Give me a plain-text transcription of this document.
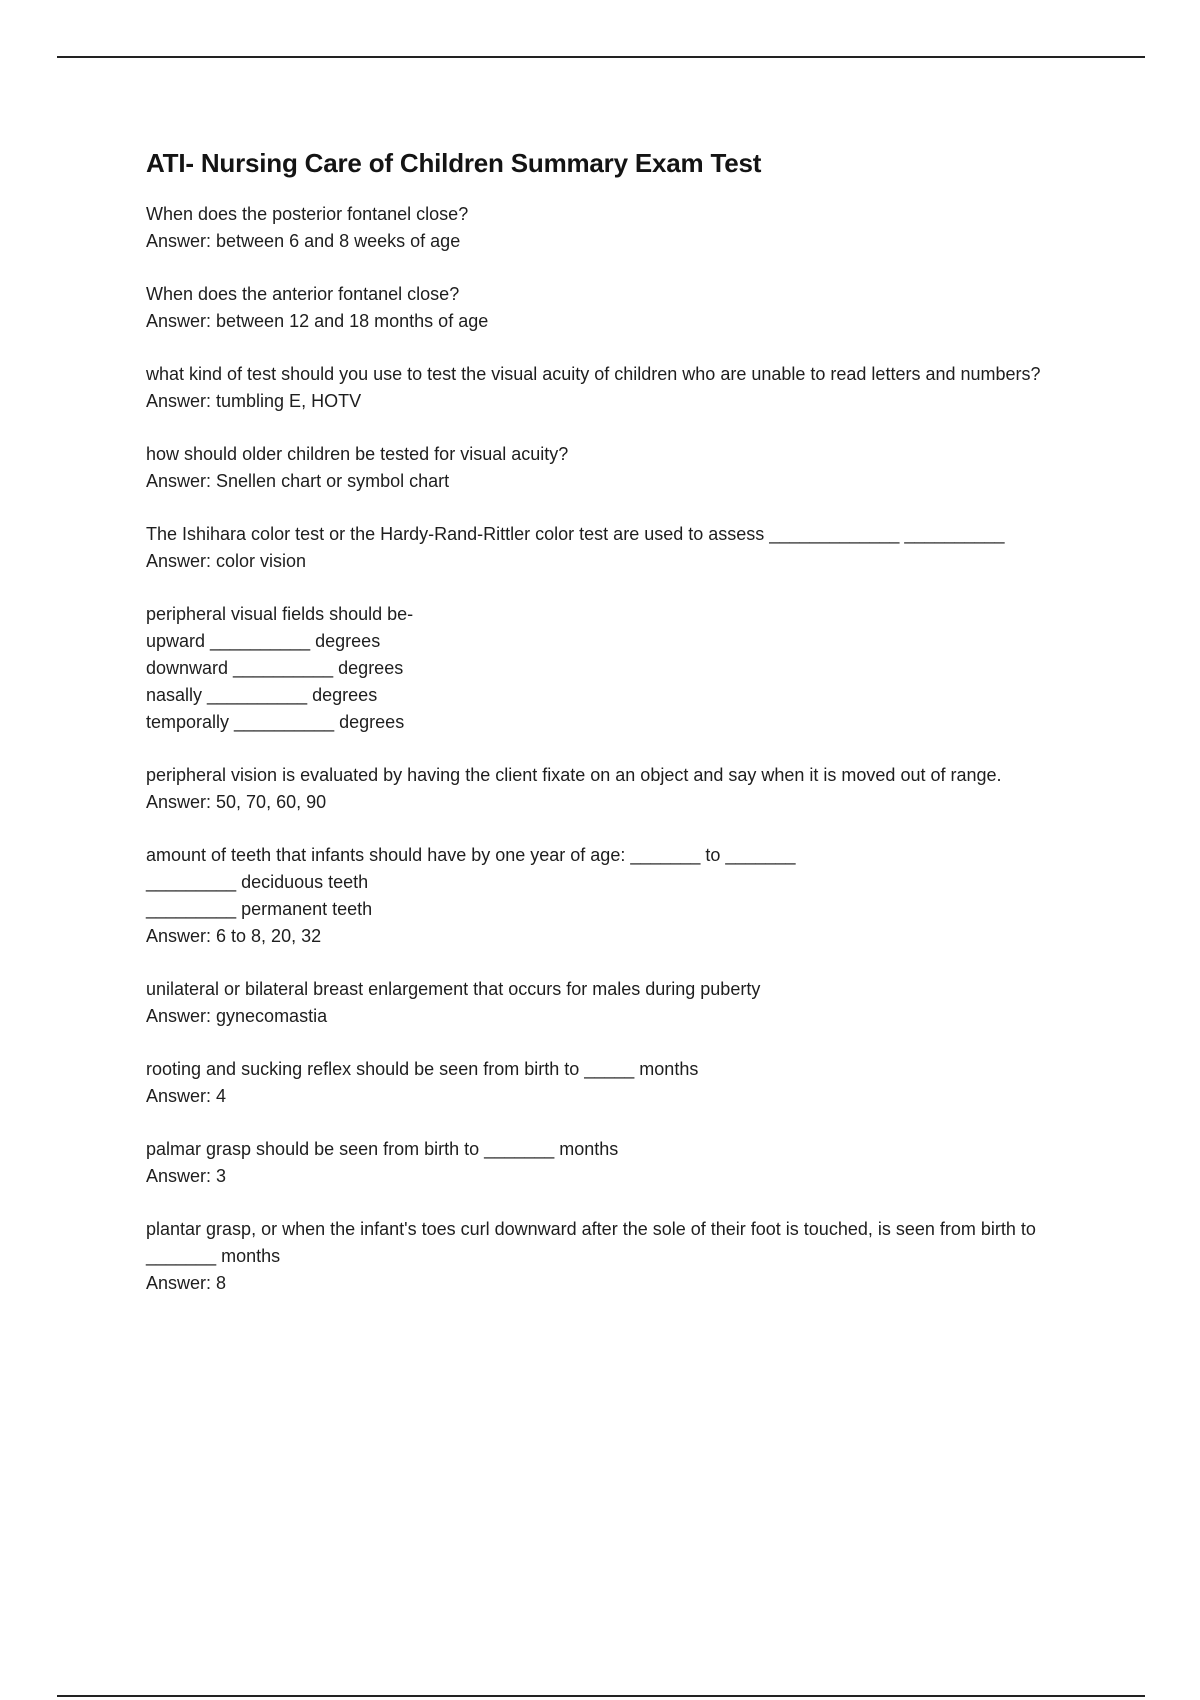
ATI- Nursing Care of Children Summary Exam Test
When does the posterior fontanel close?
Answer: between 6 and 8 weeks of age
When does the anterior fontanel close?
Answer: between 12 and 18 months of age
what kind of test should you use to test the visual acuity of children who are unable to read letters and numbers?
Answer: tumbling E, HOTV
how should older children be tested for visual acuity?
Answer: Snellen chart or symbol chart
The Ishihara color test or the Hardy-Rand-Rittler color test are used to assess _____________ __________
Answer: color vision
peripheral visual fields should be-
upward __________ degrees
downward __________ degrees
nasally __________ degrees
temporally __________ degrees
peripheral vision is evaluated by having the client fixate on an object and say when it is moved out of range.
Answer: 50, 70, 60, 90
amount of teeth that infants should have by one year of age: _______ to _______
_________ deciduous teeth
_________ permanent teeth
Answer: 6 to 8, 20, 32
unilateral or bilateral breast enlargement that occurs for males during puberty
Answer: gynecomastia
rooting and sucking reflex should be seen from birth to _____ months
Answer: 4
palmar grasp should be seen from birth to _______ months
Answer: 3
plantar grasp, or when the infant's toes curl downward after the sole of their foot is touched, is seen from birth to _______ months
Answer: 8
